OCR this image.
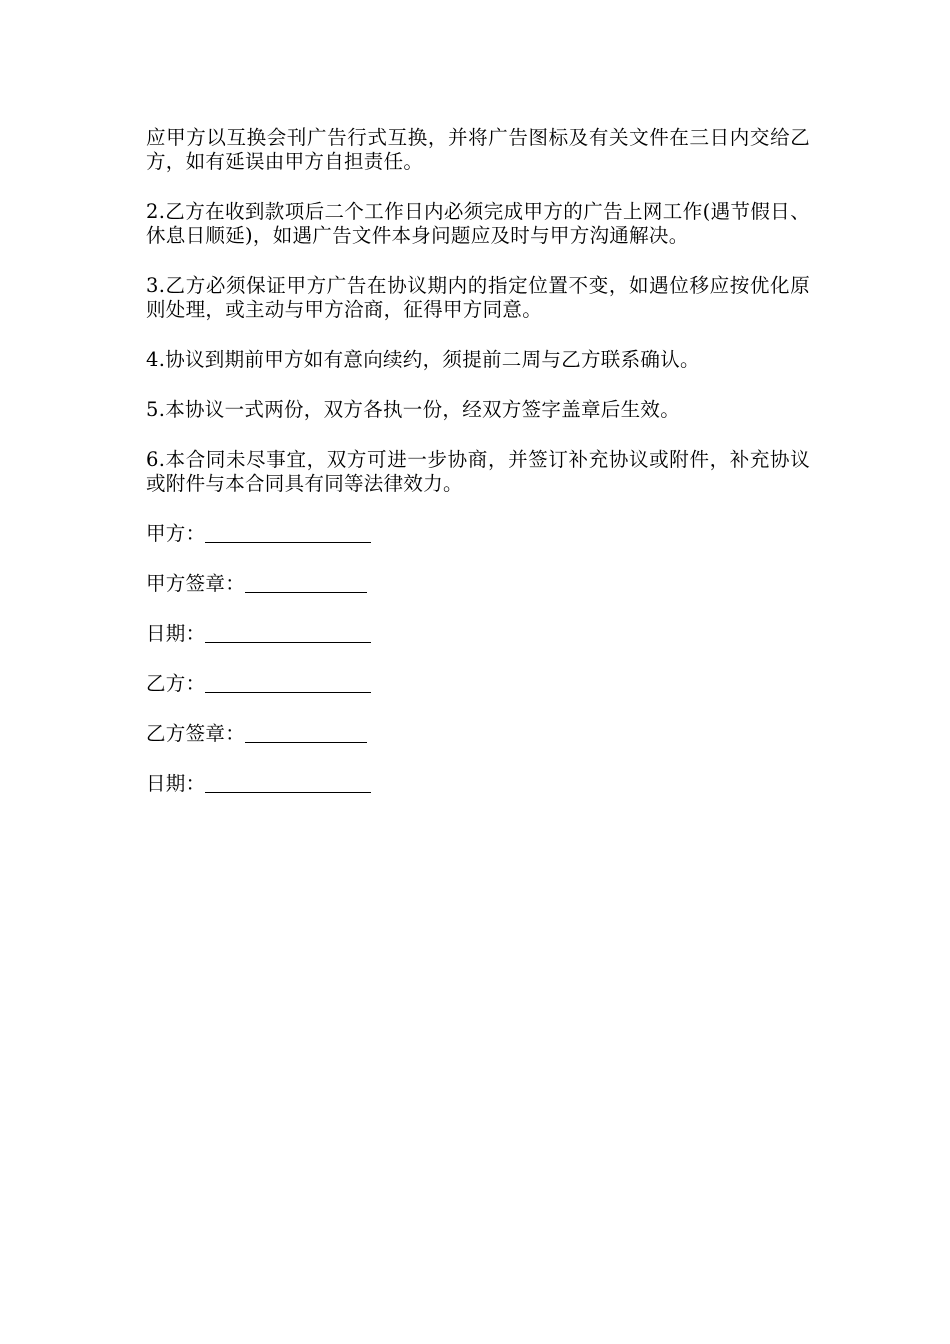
应甲方以互换会刊广告行式互换，并将广告图标及有关文件在三日内交给乙方，如有延误由甲方自担责任。

2.乙方在收到款项后二个工作日内必须完成甲方的广告上网工作(遇节假日、休息日顺延)，如遇广告文件本身问题应及时与甲方沟通解决。

3.乙方必须保证甲方广告在协议期内的指定位置不变，如遇位移应按优化原则处理，或主动与甲方洽商，征得甲方同意。

4.协议到期前甲方如有意向续约，须提前二周与乙方联系确认。

5.本协议一式两份，双方各执一份，经双方签字盖章后生效。

6.本合同未尽事宜，双方可进一步协商，并签订补充协议或附件，补充协议或附件与本合同具有同等法律效力。

甲方：
甲方签章：
日期：
乙方：
乙方签章：
日期：
